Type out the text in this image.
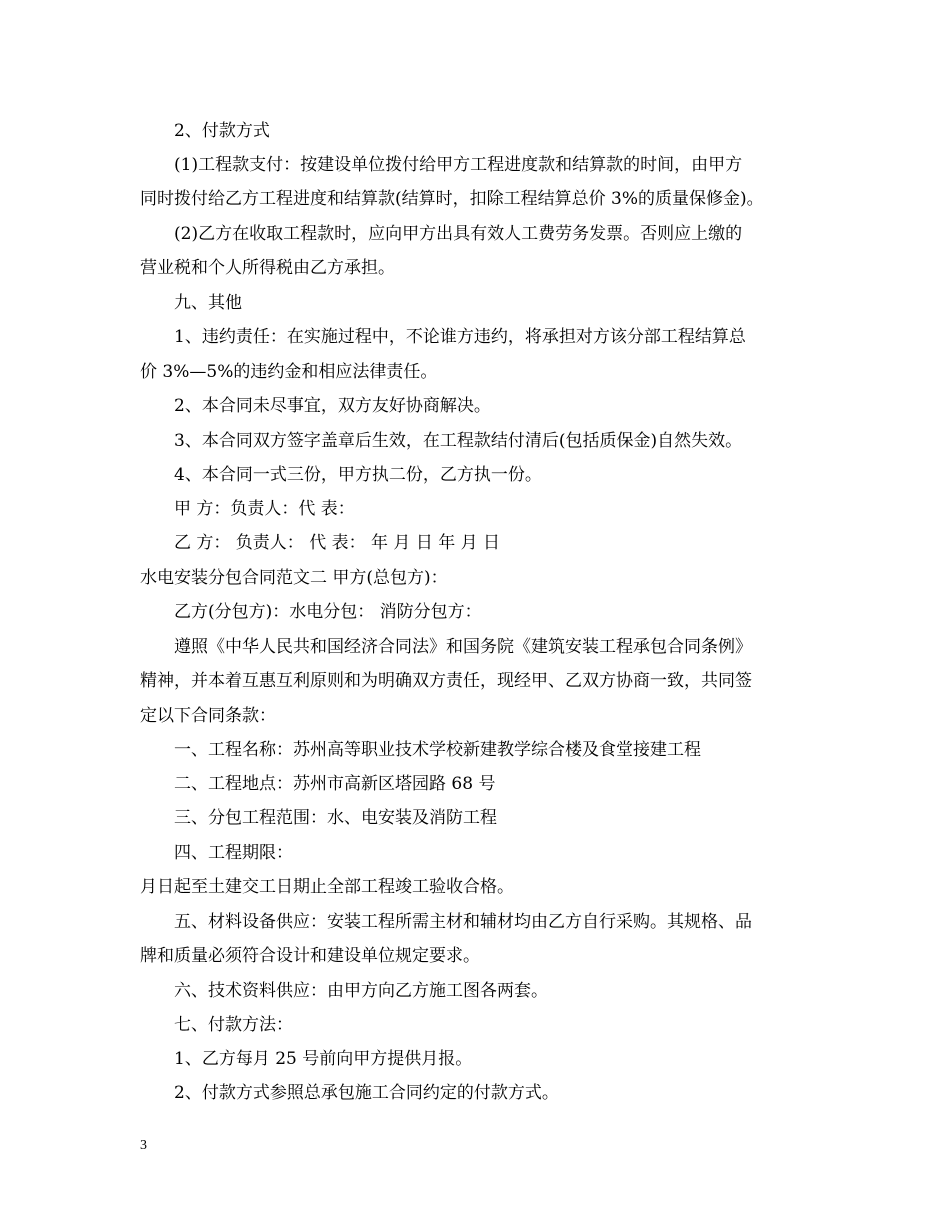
2、付款方式
(1)工程款支付：按建设单位拨付给甲方工程进度款和结算款的时间，由甲方
同时拨付给乙方工程进度和结算款(结算时，扣除工程结算总价 3%的质量保修金)。
(2)乙方在收取工程款时，应向甲方出具有效人工费劳务发票。否则应上缴的
营业税和个人所得税由乙方承担。
九、其他
1、违约责任：在实施过程中，不论谁方违约，将承担对方该分部工程结算总
价 3%—5%的违约金和相应法律责任。
2、本合同未尽事宜，双方友好协商解决。
3、本合同双方签字盖章后生效，在工程款结付清后(包括质保金)自然失效。
4、本合同一式三份，甲方执二份，乙方执一份。
甲 方：负责人：代 表：
乙 方： 负责人： 代 表： 年 月 日 年 月 日
水电安装分包合同范文二 甲方(总包方)：
乙方(分包方)：水电分包： 消防分包方：
遵照《中华人民共和国经济合同法》和国务院《建筑安装工程承包合同条例》
精神，并本着互惠互利原则和为明确双方责任，现经甲、乙双方协商一致，共同签
定以下合同条款：
一、工程名称：苏州高等职业技术学校新建教学综合楼及食堂接建工程
二、工程地点：苏州市高新区塔园路 68 号
三、分包工程范围：水、电安装及消防工程
四、工程期限：
月日起至土建交工日期止全部工程竣工验收合格。
五、材料设备供应：安装工程所需主材和辅材均由乙方自行采购。其规格、品
牌和质量必须符合设计和建设单位规定要求。
六、技术资料供应：由甲方向乙方施工图各两套。
七、付款方法：
1、乙方每月 25 号前向甲方提供月报。
2、付款方式参照总承包施工合同约定的付款方式。
3
